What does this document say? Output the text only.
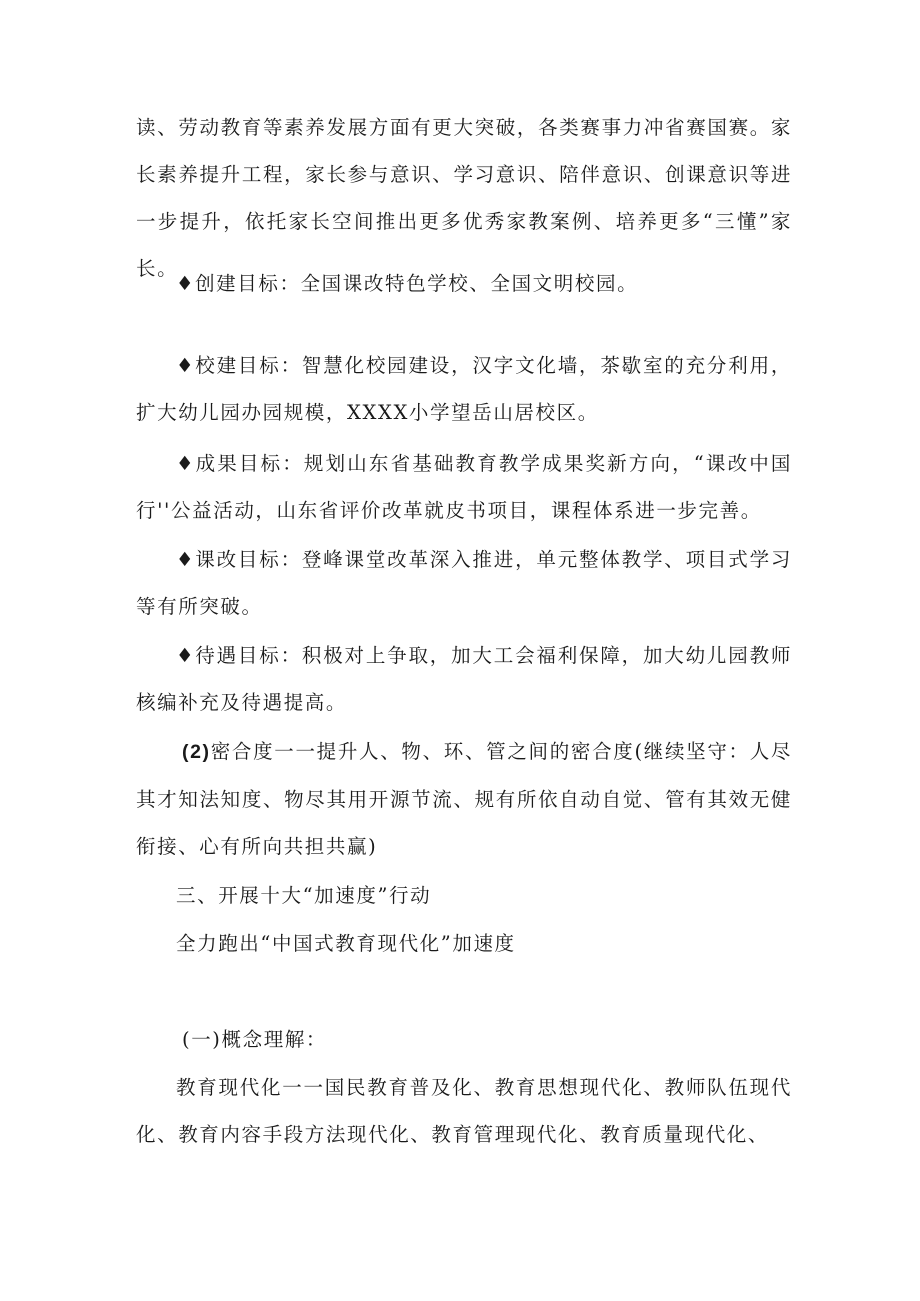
读、劳动教育等素养发展方面有更大突破，各类赛事力冲省赛国赛。家长素养提升工程，家长参与意识、学习意识、陪伴意识、创课意识等进一步提升，依托家长空间推出更多优秀家教案例、培养更多“三懂”家长。

♦创建目标：全国课改特色学校、全国文明校园。

♦校建目标：智慧化校园建设，汉字文化墙，茶歇室的充分利用，扩大幼儿园办园规模，XXXX小学望岳山居校区。

♦成果目标：规划山东省基础教育教学成果奖新方向，“课改中国行''公益活动，山东省评价改革就皮书项目，课程体系进一步完善。

♦课改目标：登峰课堂改革深入推进，单元整体教学、项目式学习等有所突破。

♦待遇目标：积极对上争取，加大工会福利保障，加大幼儿园教师核编补充及待遇提高。

(2)密合度一一提升人、物、环、管之间的密合度(继续坚守：人尽其才知法知度、物尽其用开源节流、规有所依自动自觉、管有其效无健衔接、心有所向共担共赢)

三、开展十大“加速度”行动

全力跑出“中国式教育现代化”加速度

(一)概念理解：

教育现代化一一国民教育普及化、教育思想现代化、教师队伍现代化、教育内容手段方法现代化、教育管理现代化、教育质量现代化、
